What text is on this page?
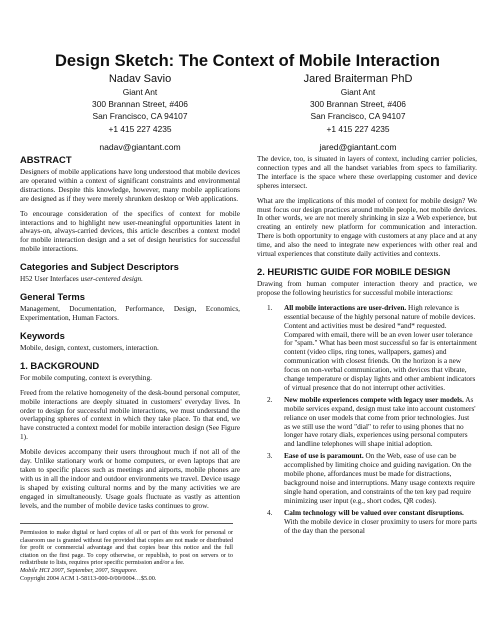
Design Sketch: The Context of Mobile Interaction
Nadav Savio
Giant Ant
300 Brannan Street, #406
San Francisco, CA 94107
+1 415 227 4235
nadav@giantant.com
Jared Braiterman PhD
Giant Ant
300 Brannan Street, #406
San Francisco, CA 94107
+1 415 227 4235
jared@giantant.com
ABSTRACT
Designers of mobile applications have long understood that mobile devices are operated within a context of significant constraints and environmental distractions. Despite this knowledge, however, many mobile applications are designed as if they were merely shrunken desktop or Web applications.
To encourage consideration of the specifics of context for mobile interactions and to highlight new user-meaningful opportunities latent in always-on, always-carried devices, this article describes a context model for mobile interaction design and a set of design heuristics for successful mobile interactions.
Categories and Subject Descriptors
H52 User Interfaces user-centered design.
General Terms
Management, Documentation, Performance, Design, Economics, Experimentation, Human Factors.
Keywords
Mobile, design, context, customers, interaction.
1. BACKGROUND
For mobile computing, context is everything.
Freed from the relative homogeneity of the desk-bound personal computer, mobile interactions are deeply situated in customers' everyday lives. In order to design for successful mobile interactions, we must understand the overlapping spheres of context in which they take place. To that end, we have constructed a context model for mobile interaction design (See Figure 1).
Mobile devices accompany their users throughout much if not all of the day. Unlike stationary work or home computers, or even laptops that are taken to specific places such as meetings and airports, mobile phones are with us in all the indoor and outdoor environments we travel. Device usage is shaped by existing cultural norms and by the many activities we are engaged in simultaneously. Usage goals fluctuate as vastly as attention levels, and the number of mobile device tasks continues to grow.
Permission to make digital or hard copies of all or part of this work for personal or classroom use is granted without fee provided that copies are not made or distributed for profit or commercial advantage and that copies bear this notice and the full citation on the first page. To copy otherwise, or republish, to post on servers or to redistribute to lists, requires prior specific permission and/or a fee.
Mobile HCI 2007, September, 2007, Singapore.
Copyright 2004 ACM 1-58113-000-0/00/0004…$5.00.
The device, too, is situated in layers of context, including carrier policies, connection types and all the handset variables from specs to familiarity. The interface is the space where these overlapping customer and device spheres intersect.
What are the implications of this model of context for mobile design? We must focus our design practices around mobile people, not mobile devices. In other words, we are not merely shrinking in size a Web experience, but creating an entirely new platform for communication and interaction. There is both opportunity to engage with customers at any place and at any time, and also the need to integrate new experiences with other real and virtual experiences that constitute daily activities and contexts.
2. HEURISTIC GUIDE FOR MOBILE DESIGN
Drawing from human computer interaction theory and practice, we propose the following heuristics for successful mobile interactions:
1. All mobile interactions are user-driven. High relevance is essential because of the highly personal nature of mobile devices. Content and activities must be desired *and* requested. Compared with email, there will be an even lower user tolerance for "spam." What has been most successful so far is entertainment content (video clips, ring tones, wallpapers, games) and communication with closest friends. On the horizon is a new focus on non-verbal communication, with devices that vibrate, change temperature or display lights and other ambient indicators of virtual presence that do not interrupt other activities.
2. New mobile experiences compete with legacy user models. As mobile services expand, design must take into account customers' reliance on user models that come from prior technologies. Just as we still use the word "dial" to refer to using phones that no longer have rotary dials, experiences using personal computers and landline telephones will shape initial adoption.
3. Ease of use is paramount. On the Web, ease of use can be accomplished by limiting choice and guiding navigation. On the mobile phone, affordances must be made for distractions, background noise and interruptions. Many usage contexts require single hand operation, and constraints of the ten key pad require minimizing user input (e.g., short codes, QR codes).
4. Calm technology will be valued over constant disruptions. With the mobile device in closer proximity to users for more parts of the day than the personal
